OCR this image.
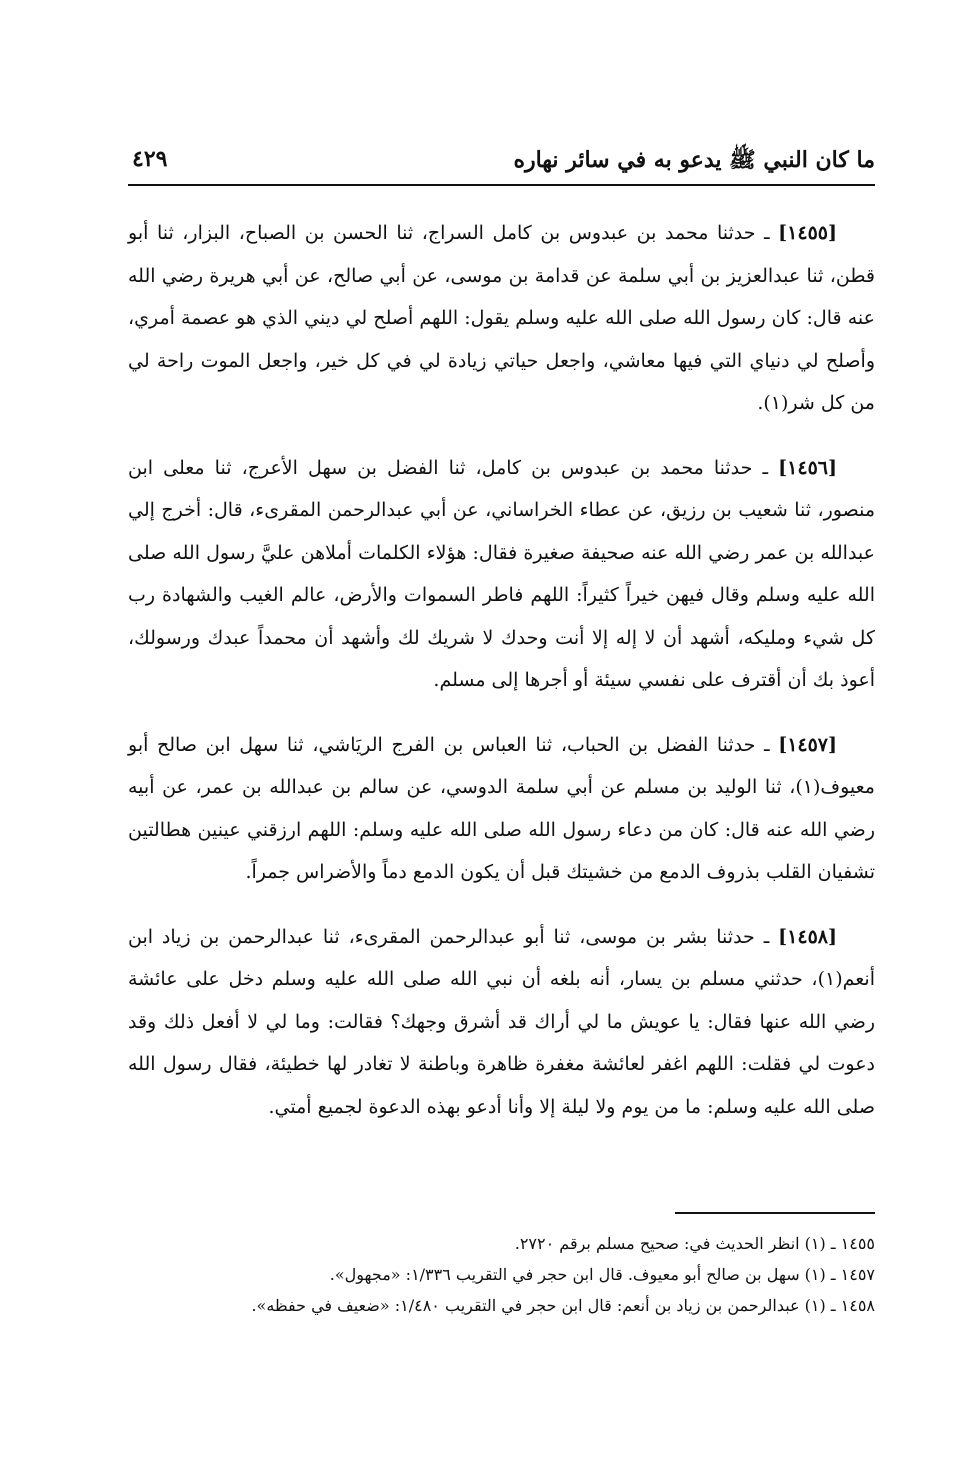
ما كان النبي ﷺ يدعو به في سائر نهاره
٤٢٩

[١٤٥٥] ـ حدثنا محمد بن عبدوس بن كامل السراج، ثنا الحسن بن الصباح، البزار، ثنا أبو قطن، ثنا عبدالعزيز بن أبي سلمة عن قدامة بن موسى، عن أبي صالح، عن أبي هريرة رضي الله عنه قال: كان رسول الله صلى الله عليه وسلم يقول: اللهم أصلح لي ديني الذي هو عصمة أمري، وأصلح لي دنياي التي فيها معاشي، واجعل حياتي زيادة لي في كل خير، واجعل الموت راحة لي من كل شر(١).

[١٤٥٦] ـ حدثنا محمد بن عبدوس بن كامل، ثنا الفضل بن سهل الأعرج، ثنا معلى ابن منصور، ثنا شعيب بن رزيق، عن عطاء الخراساني، عن أبي عبدالرحمن المقرىء، قال: أخرج إلي عبدالله بن عمر رضي الله عنه صحيفة صغيرة فقال: هؤلاء الكلمات أملاهن عليَّ رسول الله صلى الله عليه وسلم وقال فيهن خيراً كثيراً: اللهم فاطر السموات والأرض، عالم الغيب والشهادة رب كل شيء ومليكه، أشهد أن لا إله إلا أنت وحدك لا شريك لك وأشهد أن محمداً عبدك ورسولك، أعوذ بك أن أقترف على نفسي سيئة أو أجرها إلى مسلم.

[١٤٥٧] ـ حدثنا الفضل بن الحباب، ثنا العباس بن الفرج الريَاشي، ثنا سهل ابن صالح أبو معيوف(١)، ثنا الوليد بن مسلم عن أبي سلمة الدوسي، عن سالم بن عبدالله بن عمر، عن أبيه رضي الله عنه قال: كان من دعاء رسول الله صلى الله عليه وسلم: اللهم ارزقني عينين هطالتين تشفيان القلب بذروف الدمع من خشيتك قبل أن يكون الدمع دماً والأضراس جمراً.

[١٤٥٨] ـ حدثنا بشر بن موسى، ثنا أبو عبدالرحمن المقرىء، ثنا عبدالرحمن بن زياد ابن أنعم(١)، حدثني مسلم بن يسار، أنه بلغه أن نبي الله صلى الله عليه وسلم دخل على عائشة رضي الله عنها فقال: يا عويش ما لي أراك قد أشرق وجهك؟ فقالت: وما لي لا أفعل ذلك وقد دعوت لي فقلت: اللهم اغفر لعائشة مغفرة ظاهرة وباطنة لا تغادر لها خطيئة، فقال رسول الله صلى الله عليه وسلم: ما من يوم ولا ليلة إلا وأنا أدعو بهذه الدعوة لجميع أمتي.

١٤٥٥ ـ (١) انظر الحديث في: صحيح مسلم برقم ٢٧٢٠.
١٤٥٧ ـ (١) سهل بن صالح أبو معيوف. قال ابن حجر في التقريب ١/٣٣٦: «مجهول».
١٤٥٨ ـ (١) عبدالرحمن بن زياد بن أنعم: قال ابن حجر في التقريب ١/٤٨٠: «ضعيف في حفظه».
